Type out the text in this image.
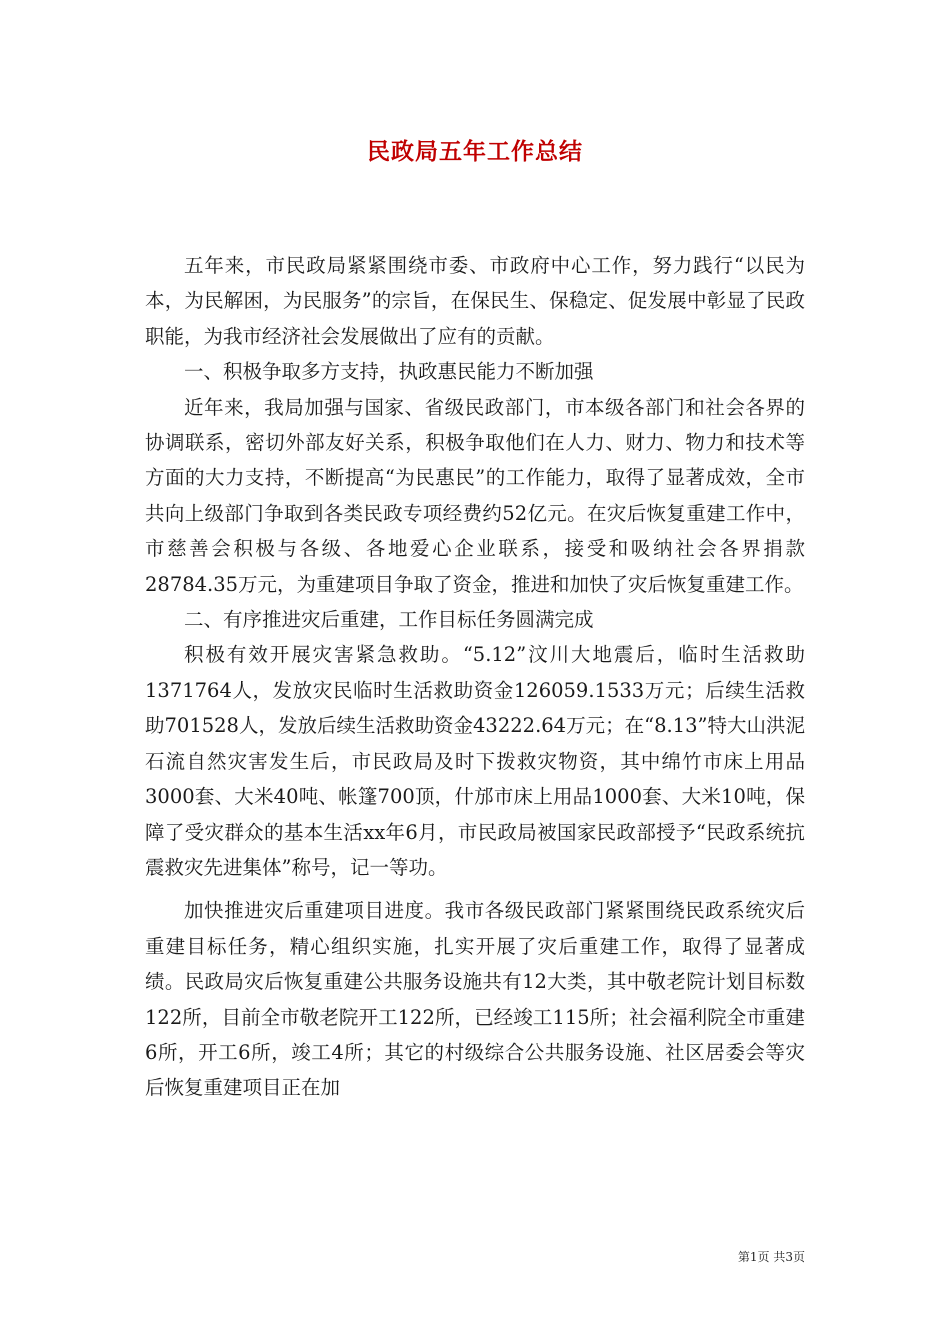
民政局五年工作总结

五年来，市民政局紧紧围绕市委、市政府中心工作，努力践行“以民为本，为民解困，为民服务”的宗旨，在保民生、保稳定、促发展中彰显了民政职能，为我市经济社会发展做出了应有的贡献。

一、积极争取多方支持，执政惠民能力不断加强

近年来，我局加强与国家、省级民政部门，市本级各部门和社会各界的协调联系，密切外部友好关系，积极争取他们在人力、财力、物力和技术等方面的大力支持，不断提高“为民惠民”的工作能力，取得了显著成效，全市共向上级部门争取到各类民政专项经费约52亿元。在灾后恢复重建工作中，市慈善会积极与各级、各地爱心企业联系，接受和吸纳社会各界捐款28784.35万元，为重建项目争取了资金，推进和加快了灾后恢复重建工作。

二、有序推进灾后重建，工作目标任务圆满完成

积极有效开展灾害紧急救助。“5.12”汶川大地震后，临时生活救助1371764人，发放灾民临时生活救助资金126059.1533万元；后续生活救助701528人，发放后续生活救助资金43222.64万元；在“8.13”特大山洪泥石流自然灾害发生后，市民政局及时下拨救灾物资，其中绵竹市床上用品3000套、大米40吨、帐篷700顶，什邡市床上用品1000套、大米10吨，保障了受灾群众的基本生活xx年6月，市民政局被国家民政部授予“民政系统抗震救灾先进集体”称号，记一等功。

加快推进灾后重建项目进度。我市各级民政部门紧紧围绕民政系统灾后重建目标任务，精心组织实施，扎实开展了灾后重建工作，取得了显著成绩。民政局灾后恢复重建公共服务设施共有12大类，其中敬老院计划目标数122所，目前全市敬老院开工122所，已经竣工115所；社会福利院全市重建6所，开工6所，竣工4所；其它的村级综合公共服务设施、社区居委会等灾后恢复重建项目正在加

第1页 共3页
